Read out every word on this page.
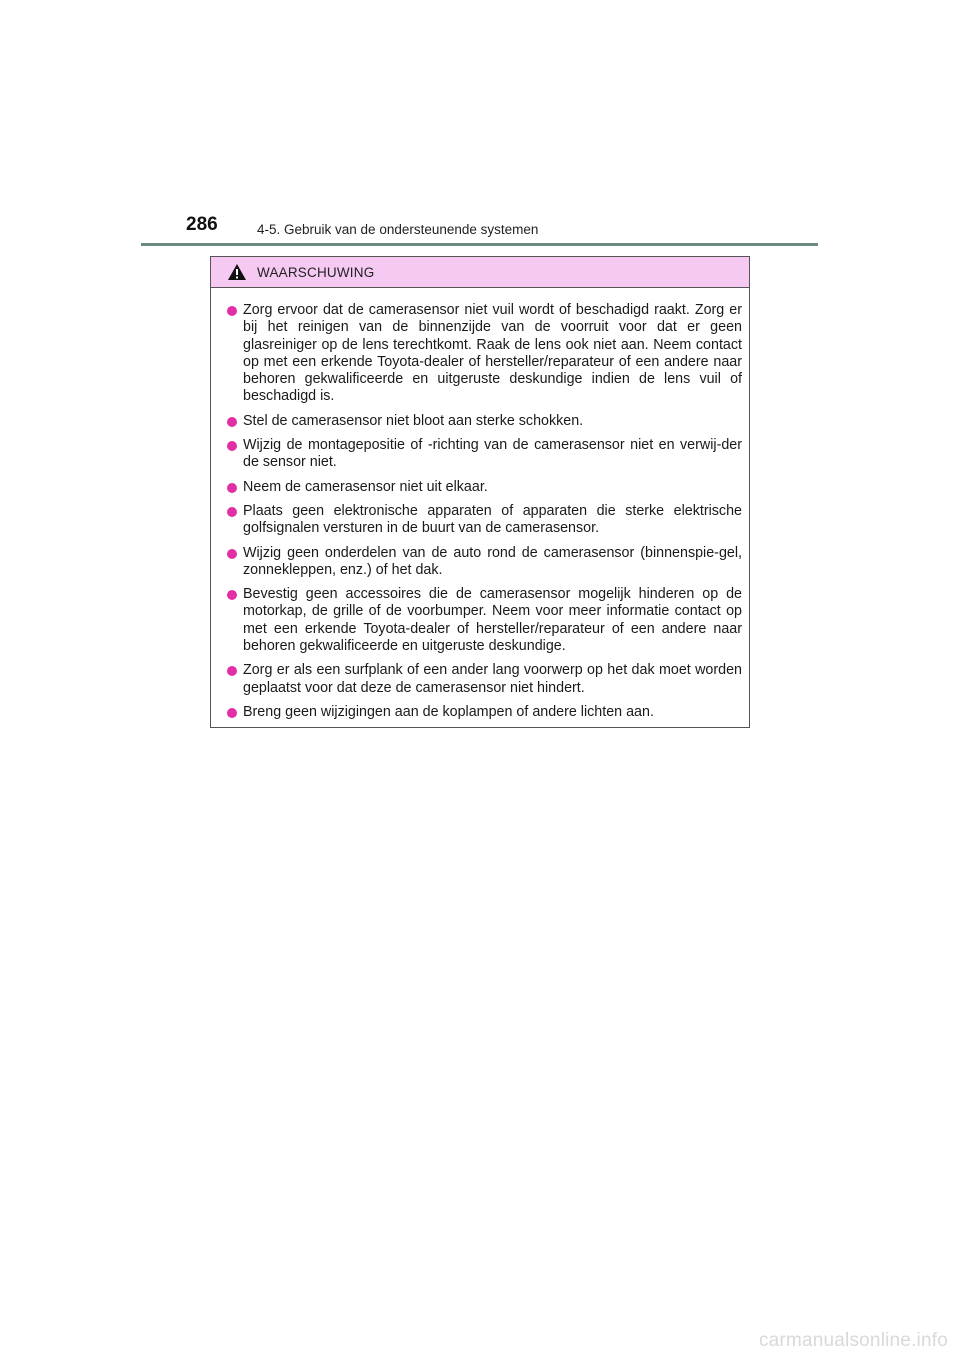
286	4-5. Gebruik van de ondersteunende systemen
WAARSCHUWING
Zorg ervoor dat de camerasensor niet vuil wordt of beschadigd raakt. Zorg er bij het reinigen van de binnenzijde van de voorruit voor dat er geen glasreiniger op de lens terechtkomt. Raak de lens ook niet aan. Neem contact op met een erkende Toyota-dealer of hersteller/reparateur of een andere naar behoren gekwalificeerde en uitgeruste deskundige indien de lens vuil of beschadigd is.
Stel de camerasensor niet bloot aan sterke schokken.
Wijzig de montagepositie of -richting van de camerasensor niet en verwij-der de sensor niet.
Neem de camerasensor niet uit elkaar.
Plaats geen elektronische apparaten of apparaten die sterke elektrische golfsignalen versturen in de buurt van de camerasensor.
Wijzig geen onderdelen van de auto rond de camerasensor (binnenspie-gel, zonnekleppen, enz.) of het dak.
Bevestig geen accessoires die de camerasensor mogelijk hinderen op de motorkap, de grille of de voorbumper. Neem voor meer informatie contact op met een erkende Toyota-dealer of hersteller/reparateur of een andere naar behoren gekwalificeerde en uitgeruste deskundige.
Zorg er als een surfplank of een ander lang voorwerp op het dak moet worden geplaatst voor dat deze de camerasensor niet hindert.
Breng geen wijzigingen aan de koplampen of andere lichten aan.
carmanualsonline.info
